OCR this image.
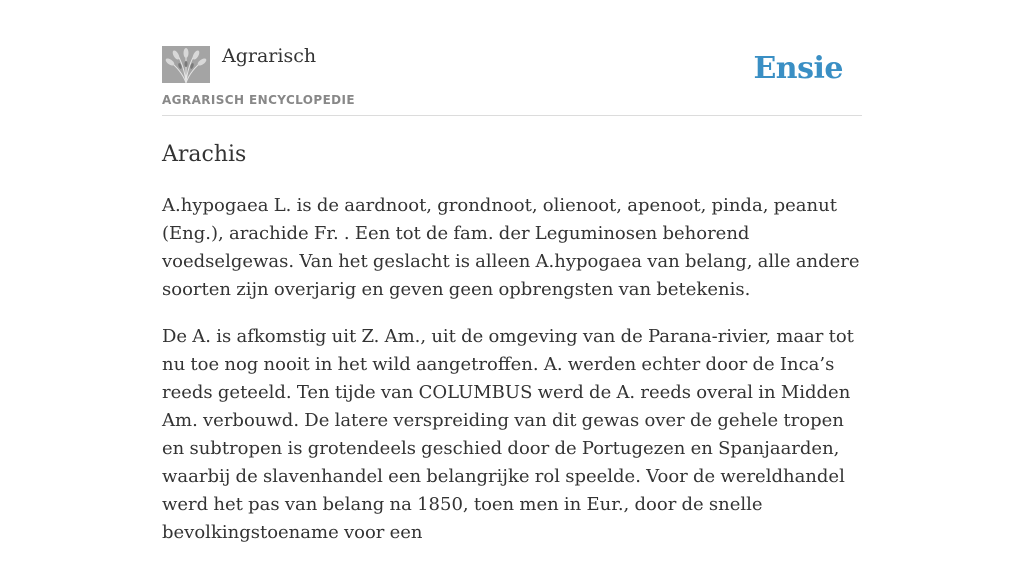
Agrarisch
AGRARISCH ENCYCLOPEDIE
Ensie
Arachis

A.hypogaea L. is de aardnoot, grondnoot, olienoot, apenoot, pinda, peanut (Eng.), arachide Fr. . Een tot de fam. der Leguminosen behorend voedselgewas. Van het geslacht is alleen A.hypogaea van belang, alle andere soorten zijn overjarig en geven geen opbrengsten van betekenis.

De A. is afkomstig uit Z. Am., uit de omgeving van de Parana-rivier, maar tot nu toe nog nooit in het wild aangetroffen. A. werden echter door de Inca’s reeds geteeld. Ten tijde van COLUMBUS werd de A. reeds overal in Midden Am. verbouwd. De latere verspreiding van dit gewas over de gehele tropen en subtropen is grotendeels geschied door de Portugezen en Spanjaarden, waarbij de slavenhandel een belangrijke rol speelde. Voor de wereldhandel werd het pas van belang na 1850, toen men in Eur., door de snelle bevolkingstoename voor een
